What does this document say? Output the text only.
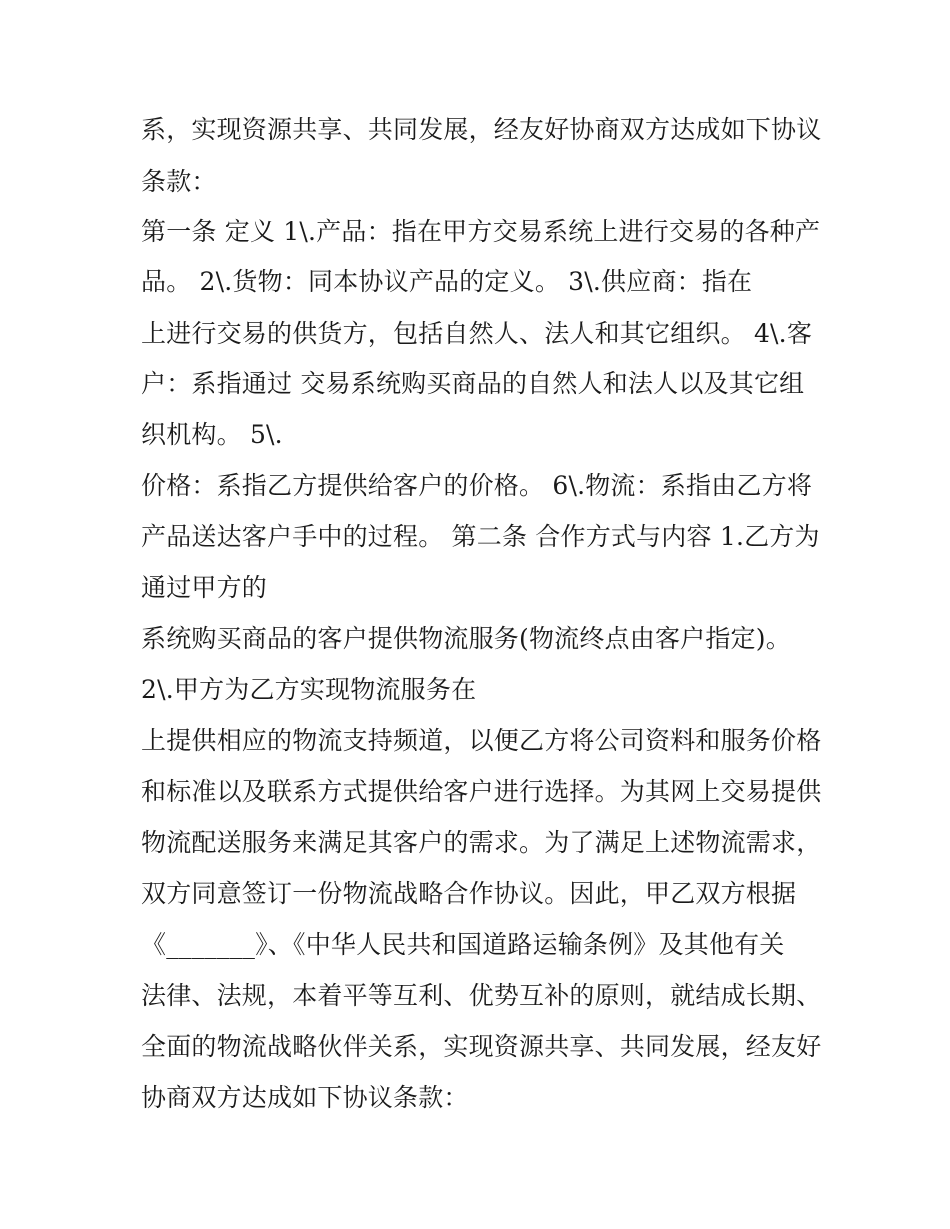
系，实现资源共享、共同发展，经友好协商双方达成如下协议
条款：
第一条 定义 1\.产品：指在甲方交易系统上进行交易的各种产
品。 2\.货物：同本协议产品的定义。 3\.供应商：指在
上进行交易的供货方，包括自然人、法人和其它组织。 4\.客
户：系指通过 交易系统购买商品的自然人和法人以及其它组
织机构。 5\.
价格：系指乙方提供给客户的价格。 6\.物流：系指由乙方将
产品送达客户手中的过程。 第二条 合作方式与内容 1.乙方为
通过甲方的
系统购买商品的客户提供物流服务(物流终点由客户指定)。
2\.甲方为乙方实现物流服务在
上提供相应的物流支持频道，以便乙方将公司资料和服务价格
和标准以及联系方式提供给客户进行选择。为其网上交易提供
物流配送服务来满足其客户的需求。为了满足上述物流需求，
双方同意签订一份物流战略合作协议。因此，甲乙双方根据
《_______》、《中华人民共和国道路运输条例》及其他有关
法律、法规，本着平等互利、优势互补的原则，就结成长期、
全面的物流战略伙伴关系，实现资源共享、共同发展，经友好
协商双方达成如下协议条款：
